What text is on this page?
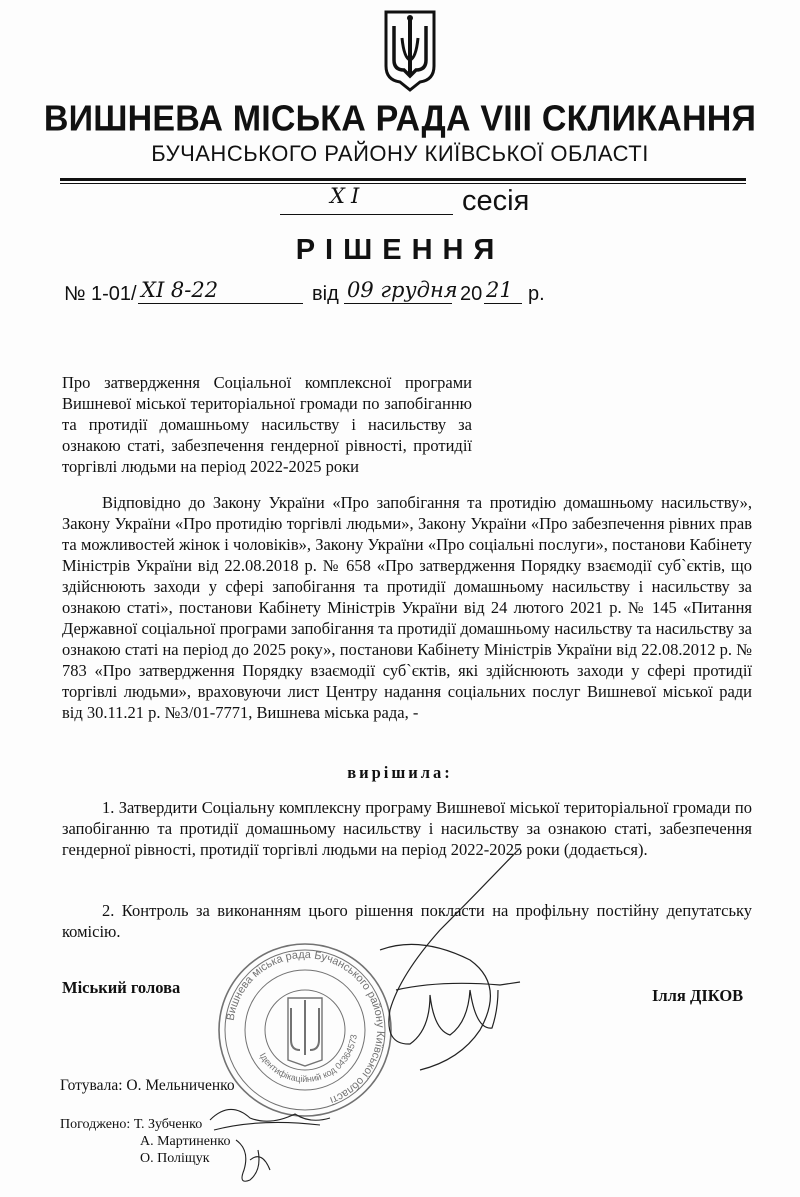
ВИШНЕВА МІСЬКА РАДА VIII СКЛИКАННЯ
БУЧАНСЬКОГО РАЙОНУ КИЇВСЬКОЇ ОБЛАСТІ
XI	сесія
РІШЕННЯ
№ 1-01/ XI 8-22	від 09 грудня 20 21 р.
Про затвердження Соціальної комплексної програми Вишневої міської територіальної громади по запобіганню та протидії домашньому насильству і насильству за ознакою статі, забезпечення гендерної рівності, протидії торгівлі людьми на період 2022-2025 роки
Відповідно до Закону України «Про запобігання та протидію домашньому насильству», Закону України «Про протидію торгівлі людьми», Закону України «Про забезпечення рівних прав та можливостей жінок і чоловіків», Закону України «Про соціальні послуги», постанови Кабінету Міністрів України від 22.08.2018 р. № 658 «Про затвердження Порядку взаємодії суб`єктів, що здійснюють заходи у сфері запобігання та протидії домашньому насильству і насильству за ознакою статі», постанови Кабінету Міністрів України від 24 лютого 2021 р. № 145 «Питання Державної соціальної програми запобігання та протидії домашньому насильству та насильству за ознакою статі на період до 2025 року», постанови Кабінету Міністрів України від 22.08.2012 р. № 783 «Про затвердження Порядку взаємодії суб`єктів, які здійснюють заходи у сфері протидії торгівлі людьми», враховуючи лист Центру надання соціальних послуг Вишневої міської ради від 30.11.21 р. №3/01-7771, Вишнева міська рада, -
вирішила:
1. Затвердити Соціальну комплексну програму Вишневої міської територіальної громади по запобіганню та протидії домашньому насильству і насильству за ознакою статі, забезпечення гендерної рівності, протидії торгівлі людьми на період 2022-2025 роки (додається).
2. Контроль за виконанням цього рішення покласти на профільну постійну депутатську комісію.
Міський голова	Ілля ДІКОВ
Готувала: О. Мельниченко
Погоджено: Т. Зубченко
А. Мартиненко
О. Поліщук
Вишнева міська рада Бучанського району Київської області
Ідентифікаційний код 04364573
